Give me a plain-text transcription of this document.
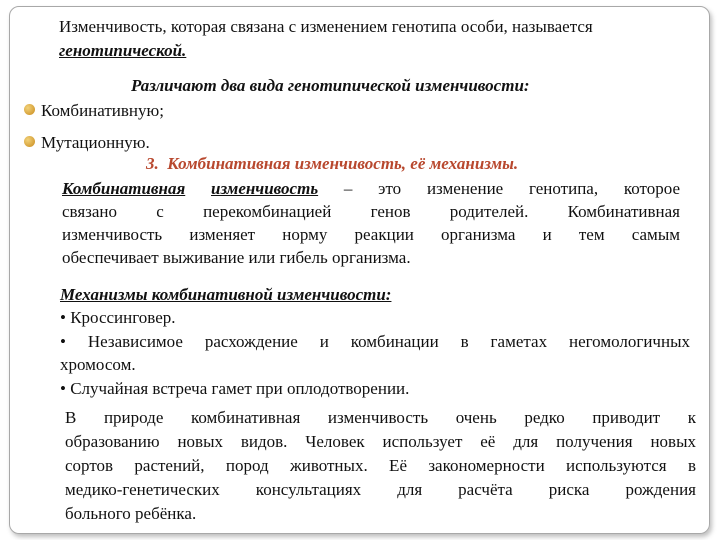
Изменчивость, которая связана с изменением генотипа особи, называется
генотипической.
Различают два вида генотипической изменчивости:
Комбинативную;
Мутационную.
3. Комбинативная изменчивость, её механизмы.
Комбинативная изменчивость – это изменение генотипа, которое
связано с перекомбинацией генов родителей. Комбинативная
изменчивость изменяет норму реакции организма и тем самым
обеспечивает выживание или гибель организма.
Механизмы комбинативной изменчивости:
• Кроссинговер.
• Независимое расхождение и комбинации в гаметах негомологичных
хромосом.
• Случайная встреча гамет при оплодотворении.
В природе комбинативная изменчивость очень редко приводит к
образованию новых видов. Человек использует её для получения новых
сортов растений, пород животных. Её закономерности используются в
медико-генетических консультациях для расчёта риска рождения
больного ребёнка.
